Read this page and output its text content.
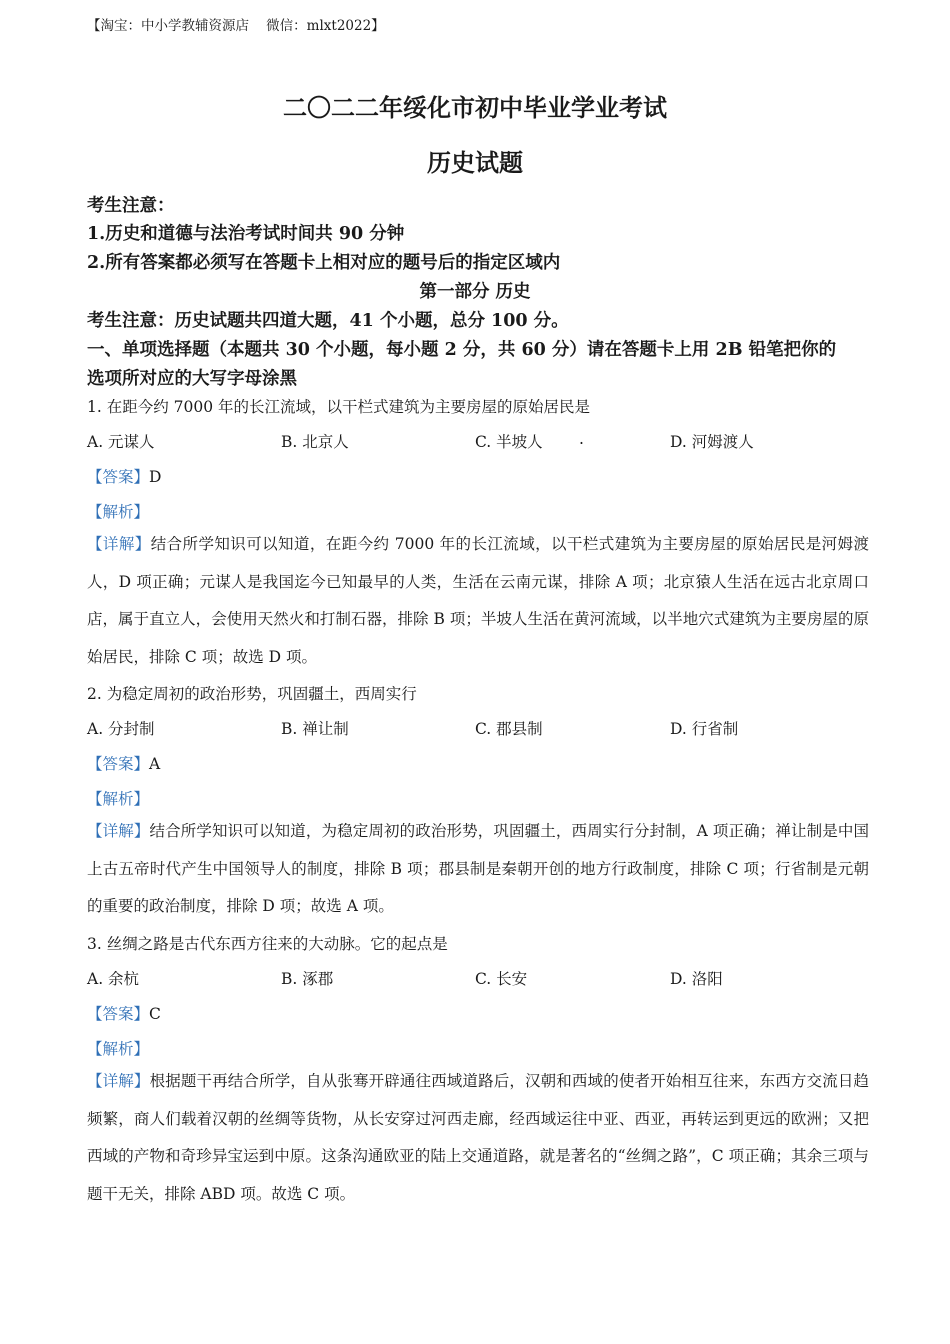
【淘宝：中小学教辅资源店    微信：mlxt2022】
二〇二二年绥化市初中毕业学业考试
历史试题
考生注意：
1.历史和道德与法治考试时间共 90 分钟
2.所有答案都必须写在答题卡上相对应的题号后的指定区域内
第一部分 历史
考生注意：历史试题共四道大题，41 个小题，总分 100 分。
一、单项选择题（本题共 30 个小题，每小题 2 分，共 60 分）请在答题卡上用 2B 铅笔把你的
选项所对应的大写字母涂黑
1. 在距今约 7000 年的长江流域，以干栏式建筑为主要房屋的原始居民是
A. 元谋人	B. 北京人	C. 半坡人 .	D. 河姆渡人
【答案】D
【解析】
【详解】结合所学知识可以知道，在距今约 7000 年的长江流域，以干栏式建筑为主要房屋的原始居民是河姆渡人，D 项正确；元谋人是我国迄今已知最早的人类，生活在云南元谋，排除 A 项；北京猿人生活在远古北京周口店，属于直立人，会使用天然火和打制石器，排除 B 项；半坡人生活在黄河流域，以半地穴式建筑为主要房屋的原始居民，排除 C 项；故选 D 项。
2. 为稳定周初的政治形势，巩固疆土，西周实行
A. 分封制	B. 禅让制	C. 郡县制	D. 行省制
【答案】A
【解析】
【详解】结合所学知识可以知道，为稳定周初的政治形势，巩固疆土，西周实行分封制，A 项正确；禅让制是中国上古五帝时代产生中国领导人的制度，排除 B 项；郡县制是秦朝开创的地方行政制度，排除 C 项；行省制是元朝的重要的政治制度，排除 D 项；故选 A 项。
3. 丝绸之路是古代东西方往来的大动脉。它的起点是
A. 余杭	B. 涿郡	C. 长安	D. 洛阳
【答案】C
【解析】
【详解】根据题干再结合所学，自从张骞开辟通往西域道路后，汉朝和西域的使者开始相互往来，东西方交流日趋频繁，商人们载着汉朝的丝绸等货物，从长安穿过河西走廊，经西域运往中亚、西亚，再转运到更远的欧洲；又把西域的产物和奇珍异宝运到中原。这条沟通欧亚的陆上交通道路，就是著名的“丝绸之路”，C 项正确；其余三项与题干无关，排除 ABD 项。故选 C 项。
